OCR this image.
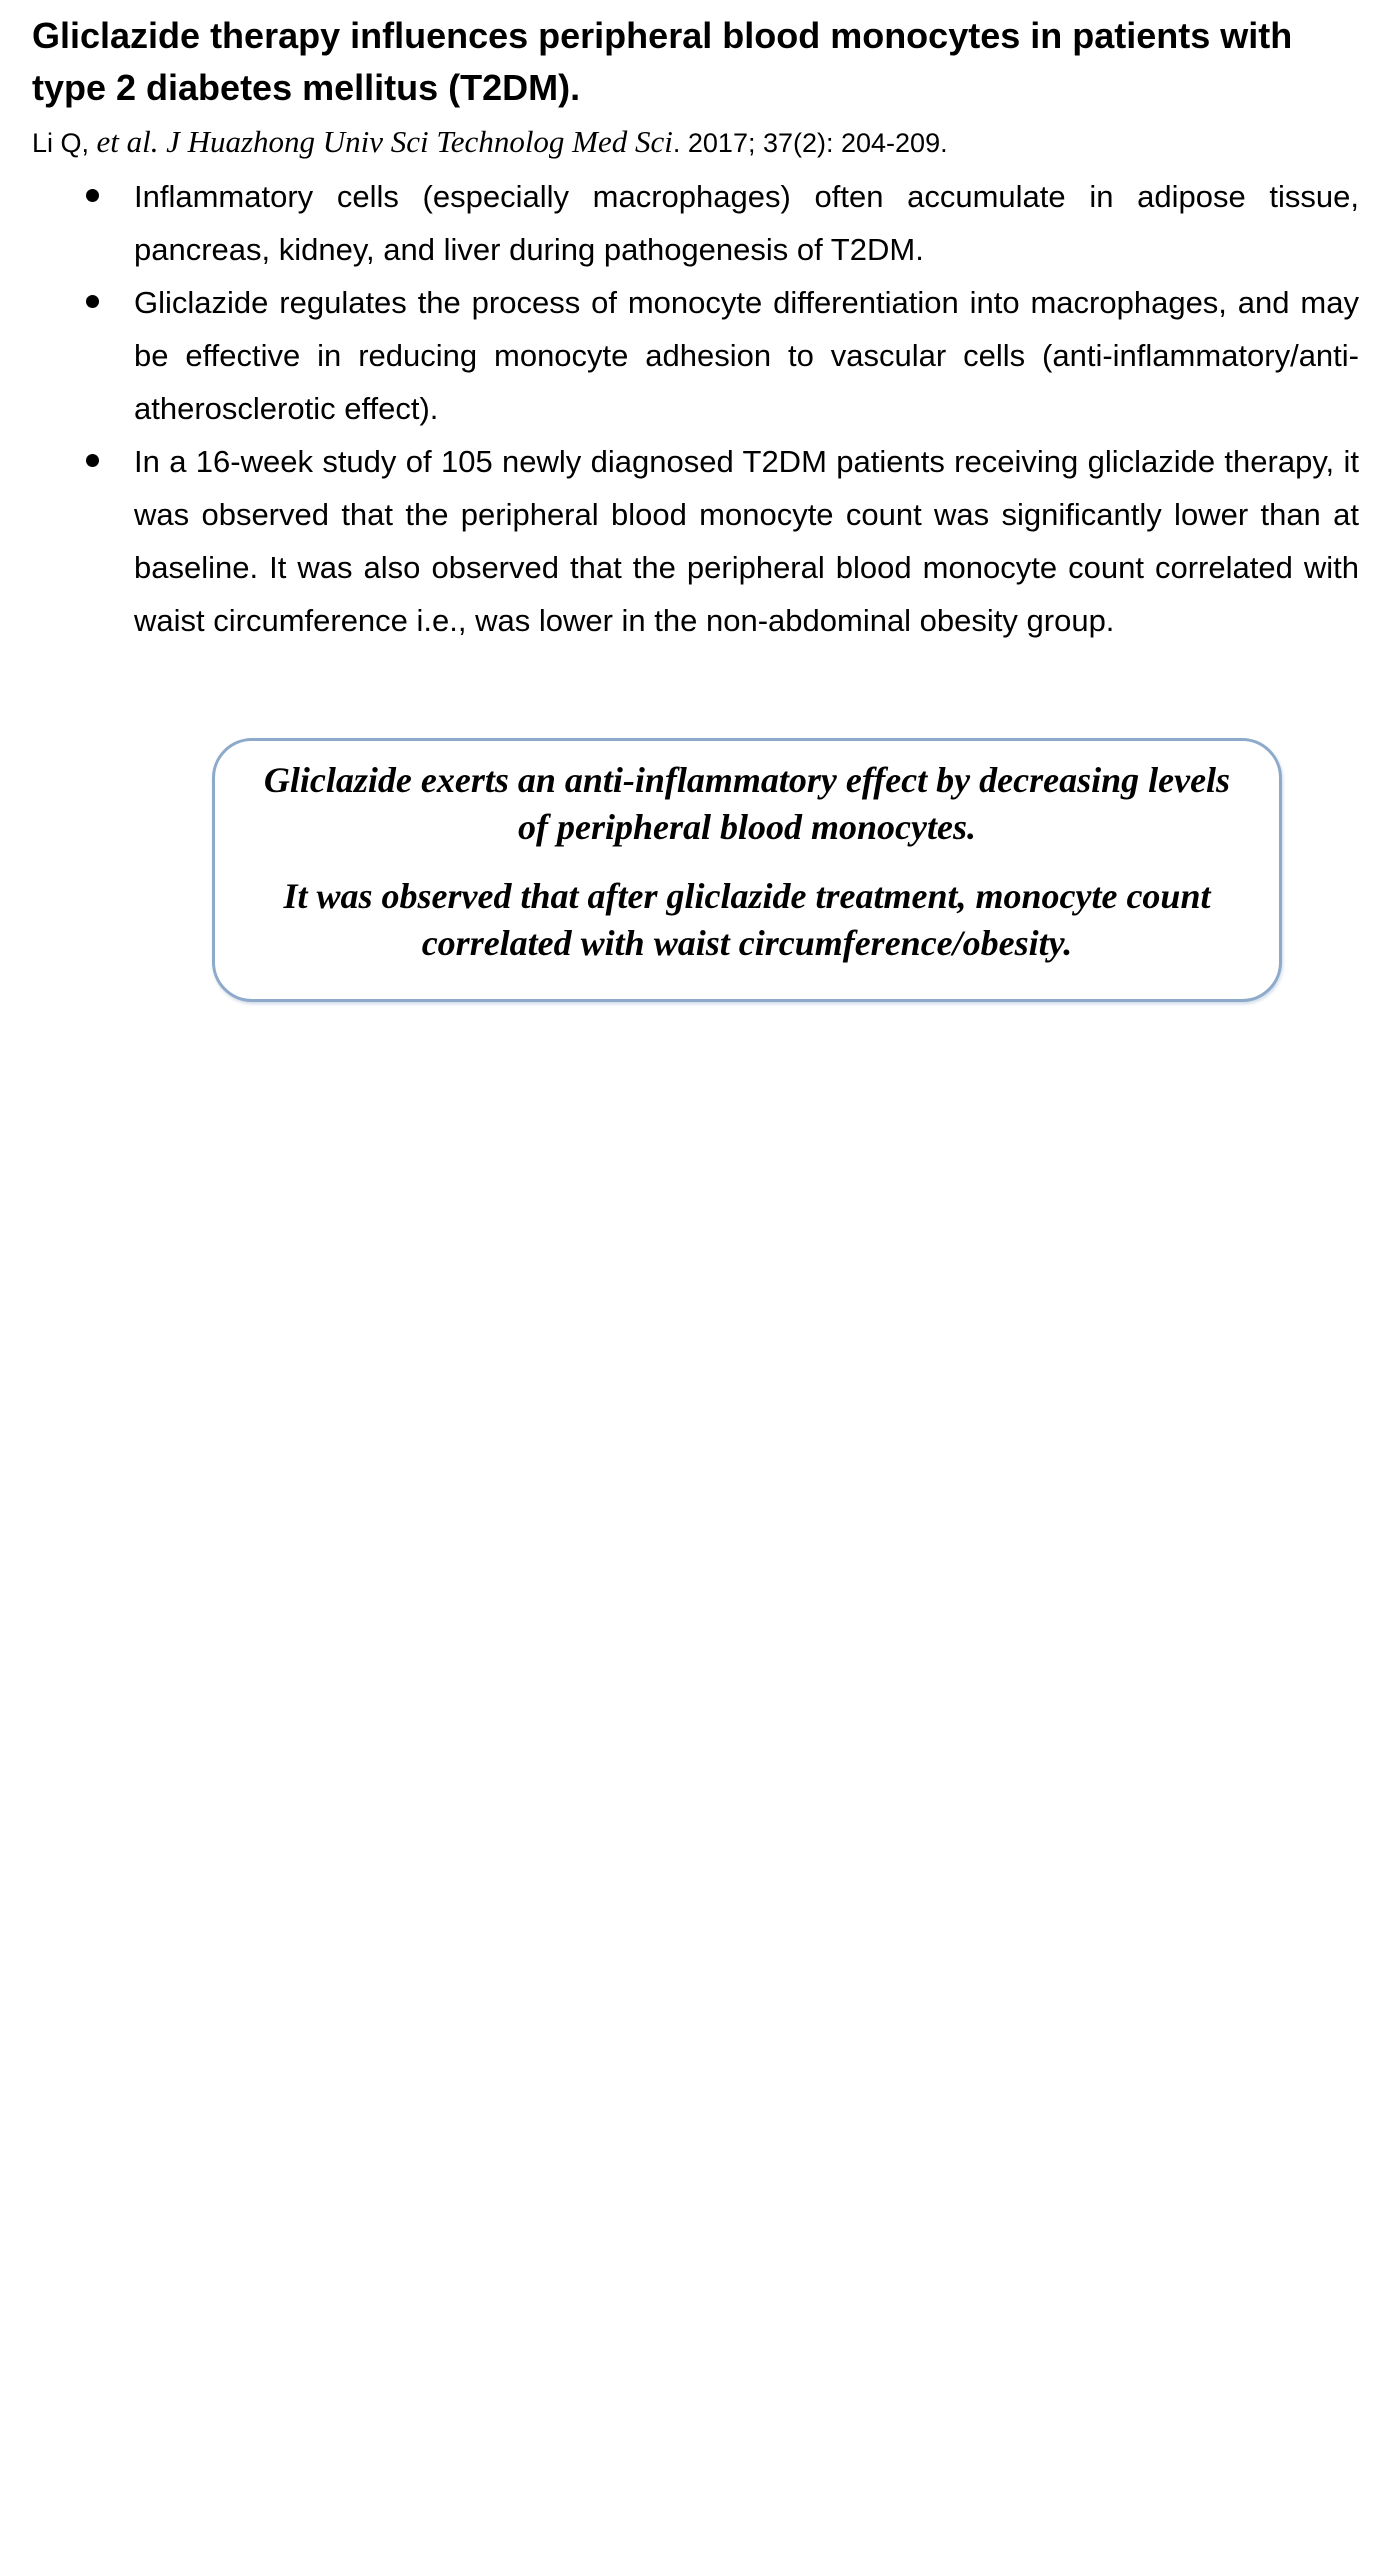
Gliclazide therapy influences peripheral blood monocytes in patients with type 2 diabetes mellitus (T2DM).

Li Q, et al. J Huazhong Univ Sci Technolog Med Sci. 2017; 37(2): 204-209.

Inflammatory cells (especially macrophages) often accumulate in adipose tissue, pancreas, kidney, and liver during pathogenesis of T2DM.
Gliclazide regulates the process of monocyte differentiation into macrophages, and may be effective in reducing monocyte adhesion to vascular cells (anti-inflammatory/anti-atherosclerotic effect).
In a 16-week study of 105 newly diagnosed T2DM patients receiving gliclazide therapy, it was observed that the peripheral blood monocyte count was significantly lower than at baseline. It was also observed that the peripheral blood monocyte count correlated with waist circumference i.e., was lower in the non-abdominal obesity group.

Gliclazide exerts an anti-inflammatory effect by decreasing levels of peripheral blood monocytes.

It was observed that after gliclazide treatment, monocyte count correlated with waist circumference/obesity.
